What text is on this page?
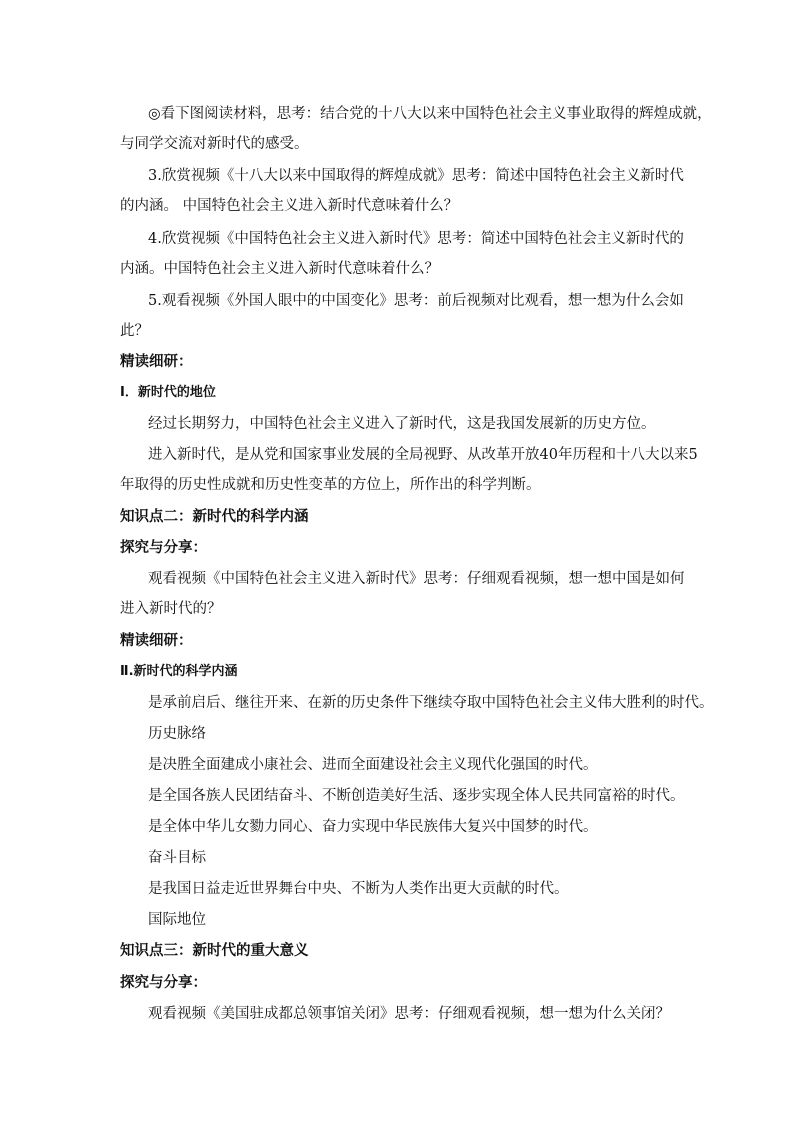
◎看下图阅读材料，思考：结合党的十八大以来中国特色社会主义事业取得的辉煌成就，
与同学交流对新时代的感受。
3.欣赏视频《十八大以来中国取得的辉煌成就》思考：简述中国特色社会主义新时代
的内涵。 中国特色社会主义进入新时代意味着什么？
4.欣赏视频《中国特色社会主义进入新时代》思考：简述中国特色社会主义新时代的
内涵。中国特色社会主义进入新时代意味着什么？
5.观看视频《外国人眼中的中国变化》思考：前后视频对比观看，想一想为什么会如
此？
精读细研：
Ⅰ．新时代的地位
经过长期努力，中国特色社会主义进入了新时代，这是我国发展新的历史方位。
进入新时代，是从党和国家事业发展的全局视野、从改革开放40年历程和十八大以来5
年取得的历史性成就和历史性变革的方位上，所作出的科学判断。
知识点二：新时代的科学内涵
探究与分享：
观看视频《中国特色社会主义进入新时代》思考：仔细观看视频，想一想中国是如何
进入新时代的？
精读细研：
Ⅱ.新时代的科学内涵
是承前启后、继往开来、在新的历史条件下继续夺取中国特色社会主义伟大胜利的时代。
历史脉络
是决胜全面建成小康社会、进而全面建设社会主义现代化强国的时代。
是全国各族人民团结奋斗、不断创造美好生活、逐步实现全体人民共同富裕的时代。
是全体中华儿女勠力同心、奋力实现中华民族伟大复兴中国梦的时代。
奋斗目标
是我国日益走近世界舞台中央、不断为人类作出更大贡献的时代。
国际地位
知识点三：新时代的重大意义
探究与分享：
观看视频《美国驻成都总领事馆关闭》思考：仔细观看视频，想一想为什么关闭？
